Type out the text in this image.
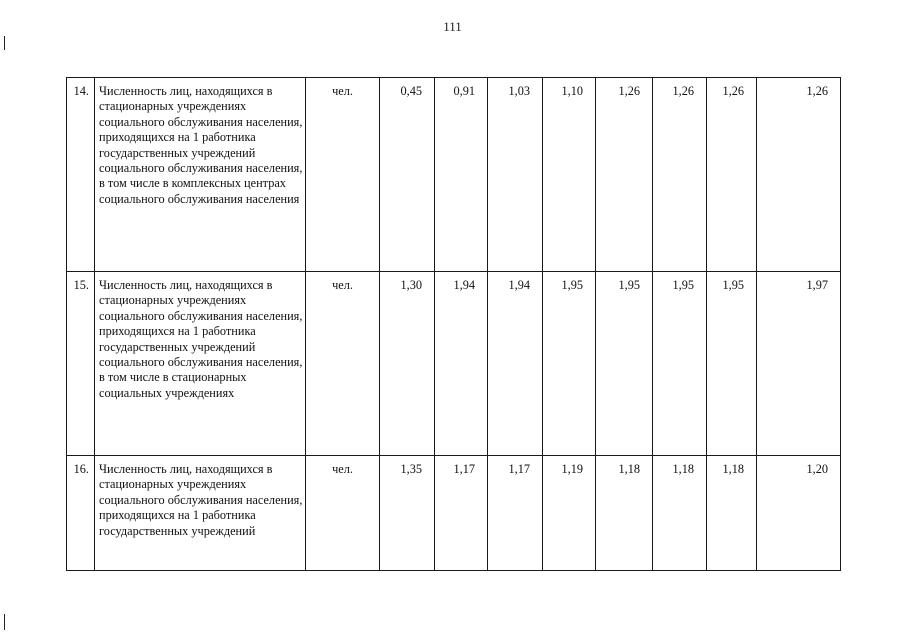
111
14.	Численность лиц, находящихся в стационарных учреждениях социального обслуживания населения, приходящихся на 1 работника государственных учреждений социального обслуживания населения, в том числе в комплексных центрах социального обслуживания населения	чел.	0,45	0,91	1,03	1,10	1,26	1,26	1,26	1,26
15.	Численность лиц, находящихся в стационарных учреждениях социального обслуживания населения, приходящихся на 1 работника государственных учреждений социального обслуживания населения, в том числе в стационарных социальных учреждениях	чел.	1,30	1,94	1,94	1,95	1,95	1,95	1,95	1,97
16.	Численность лиц, находящихся в стационарных учреждениях социального обслуживания населения, приходящихся на 1 работника государственных учреждений	чел.	1,35	1,17	1,17	1,19	1,18	1,18	1,18	1,20
